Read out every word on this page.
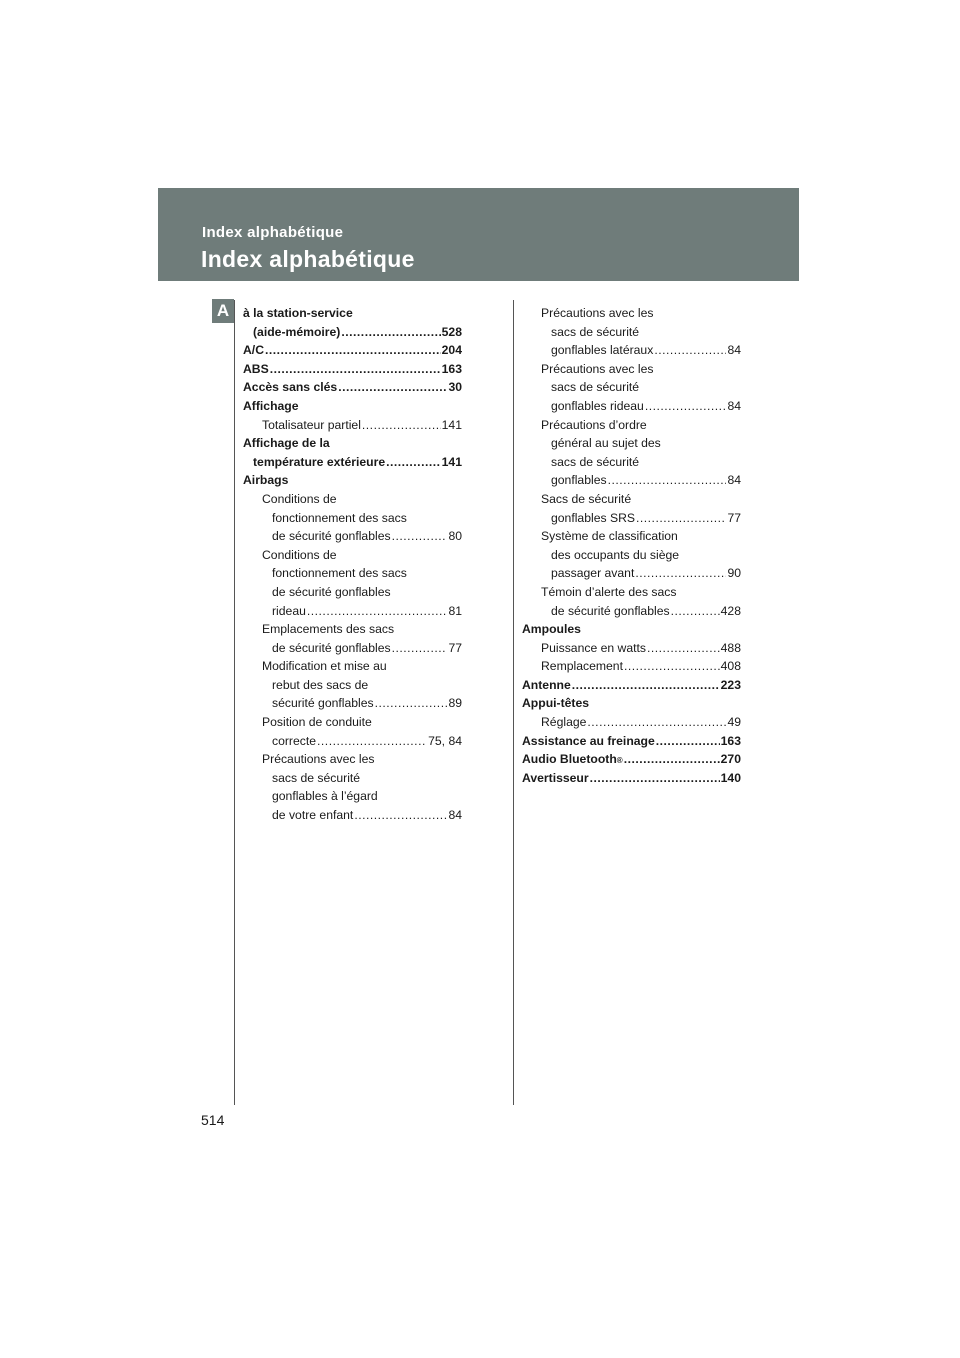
Index alphabétique
Index alphabétique
A	à la station-service
(aide-mémoire) .....	528
A/C .....	204
ABS .....	163
Accès sans clés .....	30
Affichage
Totalisateur partiel .....	141
Affichage de la
température extérieure .....	141
Airbags
Conditions de
fonctionnement des sacs
de sécurité gonflables .....	80
Conditions de
fonctionnement des sacs
de sécurité gonflables
rideau .....	81
Emplacements des sacs
de sécurité gonflables .....	77
Modification et mise au
rebut des sacs de
sécurité gonflables .....	89
Position de conduite
correcte .....	75, 84
Précautions avec les
sacs de sécurité
gonflables à l’égard
de votre enfant .....	84
Précautions avec les
sacs de sécurité
gonflables latéraux .....	84
Précautions avec les
sacs de sécurité
gonflables rideau .....	84
Précautions d’ordre
général au sujet des
sacs de sécurité
gonflables .....	84
Sacs de sécurité
gonflables SRS .....	77
Système de classification
des occupants du siège
passager avant .....	90
Témoin d’alerte des sacs
de sécurité gonflables .....	428
Ampoules
Puissance en watts .....	488
Remplacement .....	408
Antenne .....	223
Appui-têtes
Réglage .....	49
Assistance au freinage .....	163
Audio Bluetooth ® .....	270
Avertisseur .....	140
514
